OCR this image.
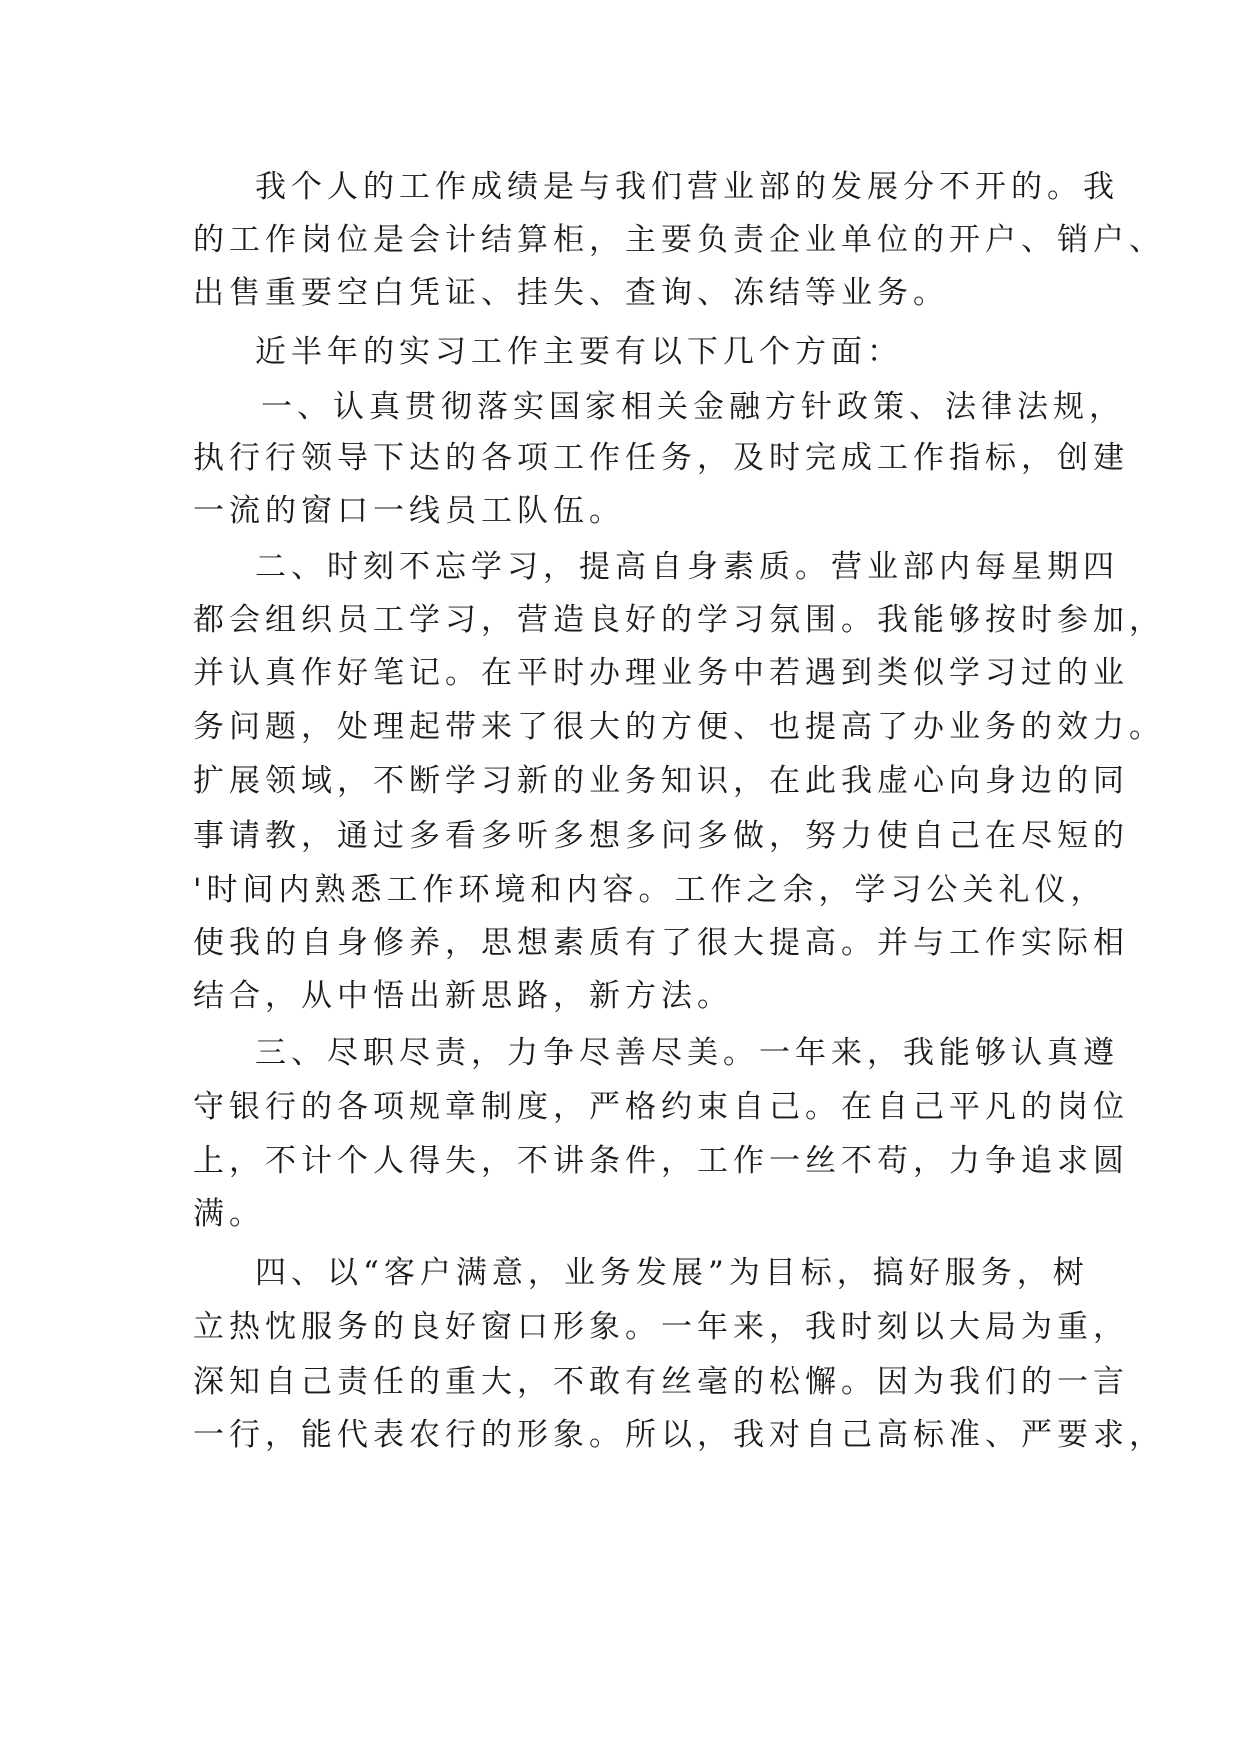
我个人的工作成绩是与我们营业部的发展分不开的。我
的工作岗位是会计结算柜，主要负责企业单位的开户、销户、
出售重要空白凭证、挂失、查询、冻结等业务。
近半年的实习工作主要有以下几个方面：
一、认真贯彻落实国家相关金融方针政策、法律法规，
执行行领导下达的各项工作任务，及时完成工作指标，创建
一流的窗口一线员工队伍。
二、时刻不忘学习，提高自身素质。营业部内每星期四
都会组织员工学习，营造良好的学习氛围。我能够按时参加，
并认真作好笔记。在平时办理业务中若遇到类似学习过的业
务问题，处理起带来了很大的方便、也提高了办业务的效力。
扩展领域，不断学习新的业务知识，在此我虚心向身边的同
事请教，通过多看多听多想多问多做，努力使自己在尽短的
'时间内熟悉工作环境和内容。工作之余，学习公关礼仪，
使我的自身修养，思想素质有了很大提高。并与工作实际相
结合，从中悟出新思路，新方法。
三、尽职尽责，力争尽善尽美。一年来，我能够认真遵
守银行的各项规章制度，严格约束自己。在自己平凡的岗位
上，不计个人得失，不讲条件，工作一丝不苟，力争追求圆
满。
四、以“客户满意，业务发展”为目标，搞好服务，树
立热忱服务的良好窗口形象。一年来，我时刻以大局为重，
深知自己责任的重大，不敢有丝毫的松懈。因为我们的一言
一行，能代表农行的形象。所以，我对自己高标准、严要求，
